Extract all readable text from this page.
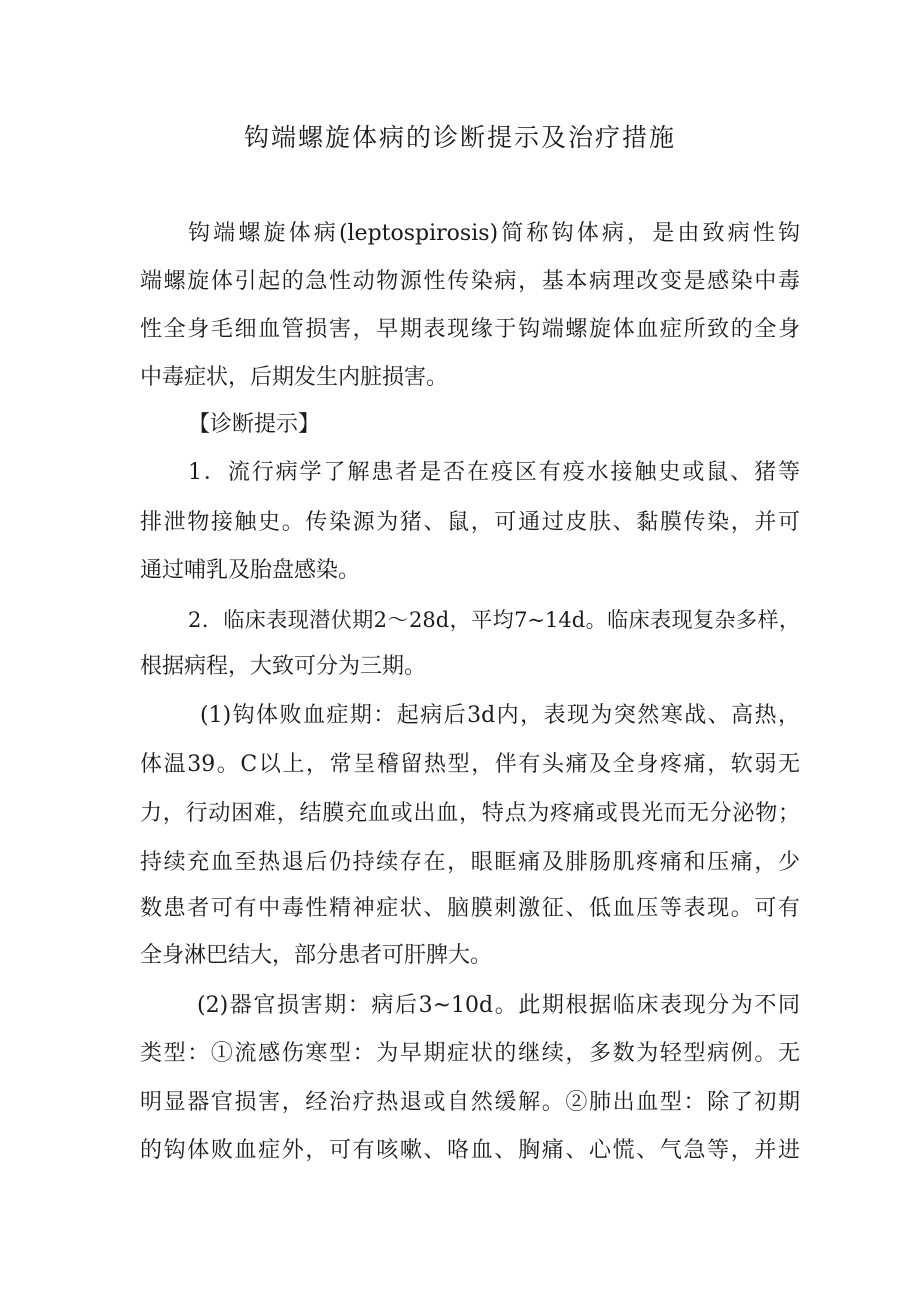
钩端螺旋体病的诊断提示及治疗措施
钩端螺旋体病(leptospirosis)简称钩体病，是由致病性钩
端螺旋体引起的急性动物源性传染病，基本病理改变是感染中毒
性全身毛细血管损害，早期表现缘于钩端螺旋体血症所致的全身
中毒症状，后期发生内脏损害。
【诊断提示】
1．流行病学了解患者是否在疫区有疫水接触史或鼠、猪等
排泄物接触史。传染源为猪、鼠，可通过皮肤、黏膜传染，并可
通过哺乳及胎盘感染。
2．临床表现潜伏期2～28d，平均7~14d。临床表现复杂多样，
根据病程，大致可分为三期。
(1)钩体败血症期：起病后3d内，表现为突然寒战、高热，
体温39。C以上，常呈稽留热型，伴有头痛及全身疼痛，软弱无
力，行动困难，结膜充血或出血，特点为疼痛或畏光而无分泌物；
持续充血至热退后仍持续存在，眼眶痛及腓肠肌疼痛和压痛，少
数患者可有中毒性精神症状、脑膜刺激征、低血压等表现。可有
全身淋巴结大，部分患者可肝脾大。
(2)器官损害期：病后3~10d。此期根据临床表现分为不同
类型：①流感伤寒型：为早期症状的继续，多数为轻型病例。无
明显器官损害，经治疗热退或自然缓解。②肺出血型：除了初期
的钩体败血症外，可有咳嗽、咯血、胸痛、心慌、气急等，并进
